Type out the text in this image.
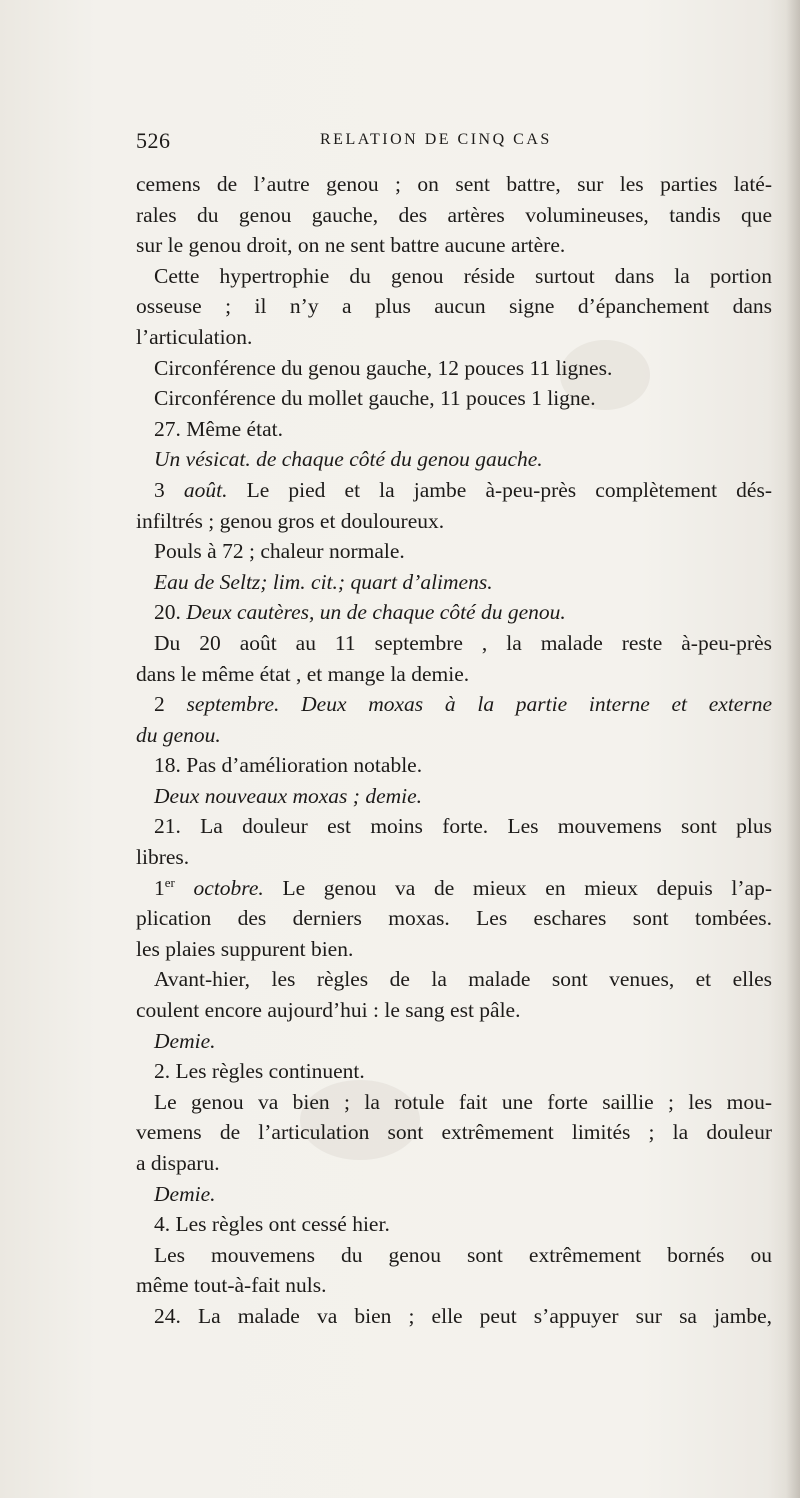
526	RELATION DE CINQ CAS
cemens de l’autre genou ; on sent battre, sur les parties laté-
rales du genou gauche, des artères volumineuses, tandis que
sur le genou droit, on ne sent battre aucune artère.
Cette hypertrophie du genou réside surtout dans la portion
osseuse ; il n’y a plus aucun signe d’épanchement dans
l’articulation.
Circonférence du genou gauche, 12 pouces 11 lignes.
Circonférence du mollet gauche, 11 pouces 1 ligne.
27. Même état.
Un vésicat. de chaque côté du genou gauche.
3 août. Le pied et la jambe à-peu-près complètement dés-
infiltrés ; genou gros et douloureux.
Pouls à 72 ; chaleur normale.
Eau de Seltz; lim. cit.; quart d’alimens.
20. Deux cautères, un de chaque côté du genou.
Du 20 août au 11 septembre , la malade reste à-peu-près
dans le même état , et mange la demie.
2 septembre. Deux moxas à la partie interne et externe
du genou.
18. Pas d’amélioration notable.
Deux nouveaux moxas ; demie.
21. La douleur est moins forte. Les mouvemens sont plus
libres.
1er octobre. Le genou va de mieux en mieux depuis l’ap-
plication des derniers moxas. Les eschares sont tombées.
les plaies suppurent bien.
Avant-hier, les règles de la malade sont venues, et elles
coulent encore aujourd’hui : le sang est pâle.
Demie.
2. Les règles continuent.
Le genou va bien ; la rotule fait une forte saillie ; les mou-
vemens de l’articulation sont extrêmement limités ; la douleur
a disparu.
Demie.
4. Les règles ont cessé hier.
Les mouvemens du genou sont extrêmement bornés ou
même tout-à-fait nuls.
24. La malade va bien ; elle peut s’appuyer sur sa jambe,
